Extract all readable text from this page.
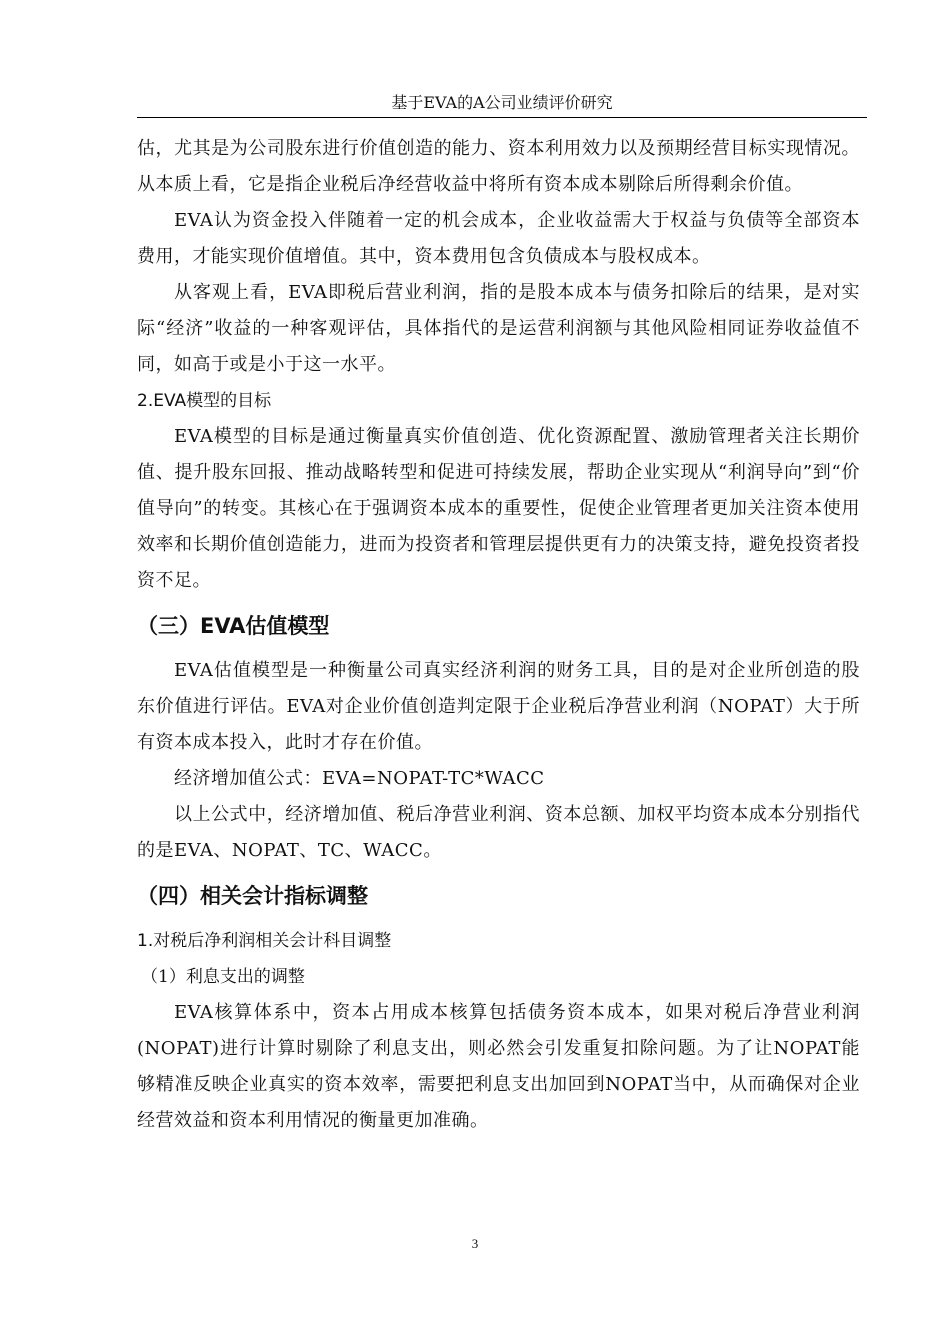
基于EVA的A公司业绩评价研究

估，尤其是为公司股东进行价值创造的能力、资本利用效力以及预期经营目标实现情况。从本质上看，它是指企业税后净经营收益中将所有资本成本剔除后所得剩余价值。

EVA认为资金投入伴随着一定的机会成本，企业收益需大于权益与负债等全部资本费用，才能实现价值增值。其中，资本费用包含负债成本与股权成本。

从客观上看，EVA即税后营业利润，指的是股本成本与债务扣除后的结果，是对实际“经济”收益的一种客观评估，具体指代的是运营利润额与其他风险相同证券收益值不同，如高于或是小于这一水平。

2.EVA模型的目标

EVA模型的目标是通过衡量真实价值创造、优化资源配置、激励管理者关注长期价值、提升股东回报、推动战略转型和促进可持续发展，帮助企业实现从“利润导向”到“价值导向”的转变。其核心在于强调资本成本的重要性，促使企业管理者更加关注资本使用效率和长期价值创造能力，进而为投资者和管理层提供更有力的决策支持，避免投资者投资不足。

（三）EVA估值模型

EVA估值模型是一种衡量公司真实经济利润的财务工具，目的是对企业所创造的股东价值进行评估。EVA对企业价值创造判定限于企业税后净营业利润（NOPAT）大于所有资本成本投入，此时才存在价值。

经济增加值公式：EVA=NOPAT-TC*WACC

以上公式中，经济增加值、税后净营业利润、资本总额、加权平均资本成本分别指代的是EVA、NOPAT、TC、WACC。

（四）相关会计指标调整

1.对税后净利润相关会计科目调整

（1）利息支出的调整

EVA核算体系中，资本占用成本核算包括债务资本成本，如果对税后净营业利润(NOPAT)进行计算时剔除了利息支出，则必然会引发重复扣除问题。为了让NOPAT能够精准反映企业真实的资本效率，需要把利息支出加回到NOPAT当中，从而确保对企业经营效益和资本利用情况的衡量更加准确。

3
